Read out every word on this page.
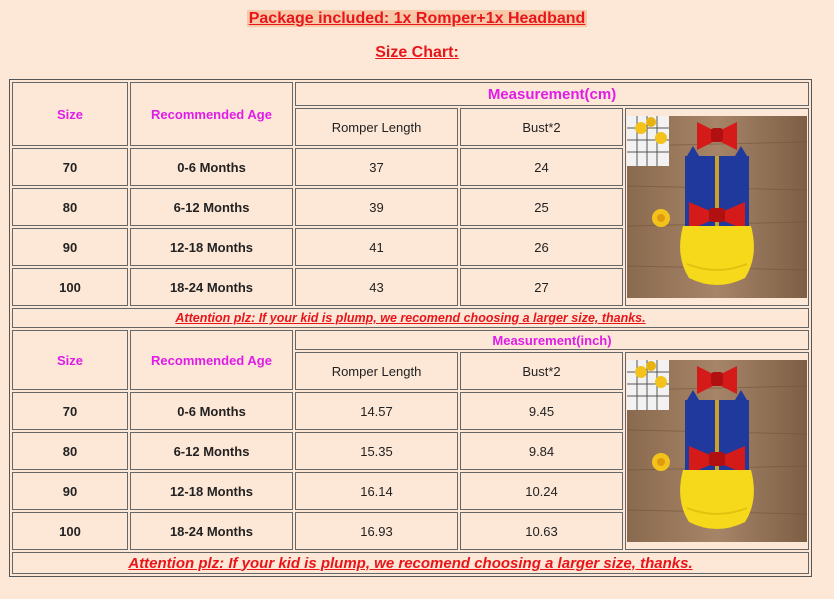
Package included: 1x Romper+1x Headband
Size Chart:
Size	Recommended Age	Measurement(cm)		
		Romper Length	Bust*2	

70	0-6 Months	37	24	
80	6-12 Months	39	25	
90	12-18 Months	41	26	
100	18-24 Months	43	27	
Attention plz: If your kid is plump, we recomend choosing a larger size, thanks.				
Size	Recommended Age	Measurement(inch)		
		Romper Length	Bust*2	

70	0-6 Months	14.57	9.45	
80	6-12 Months	15.35	9.84	
90	12-18 Months	16.14	10.24	
100	18-24 Months	16.93	10.63	
Attention plz: If your kid is plump, we recomend choosing a larger size, thanks.				
